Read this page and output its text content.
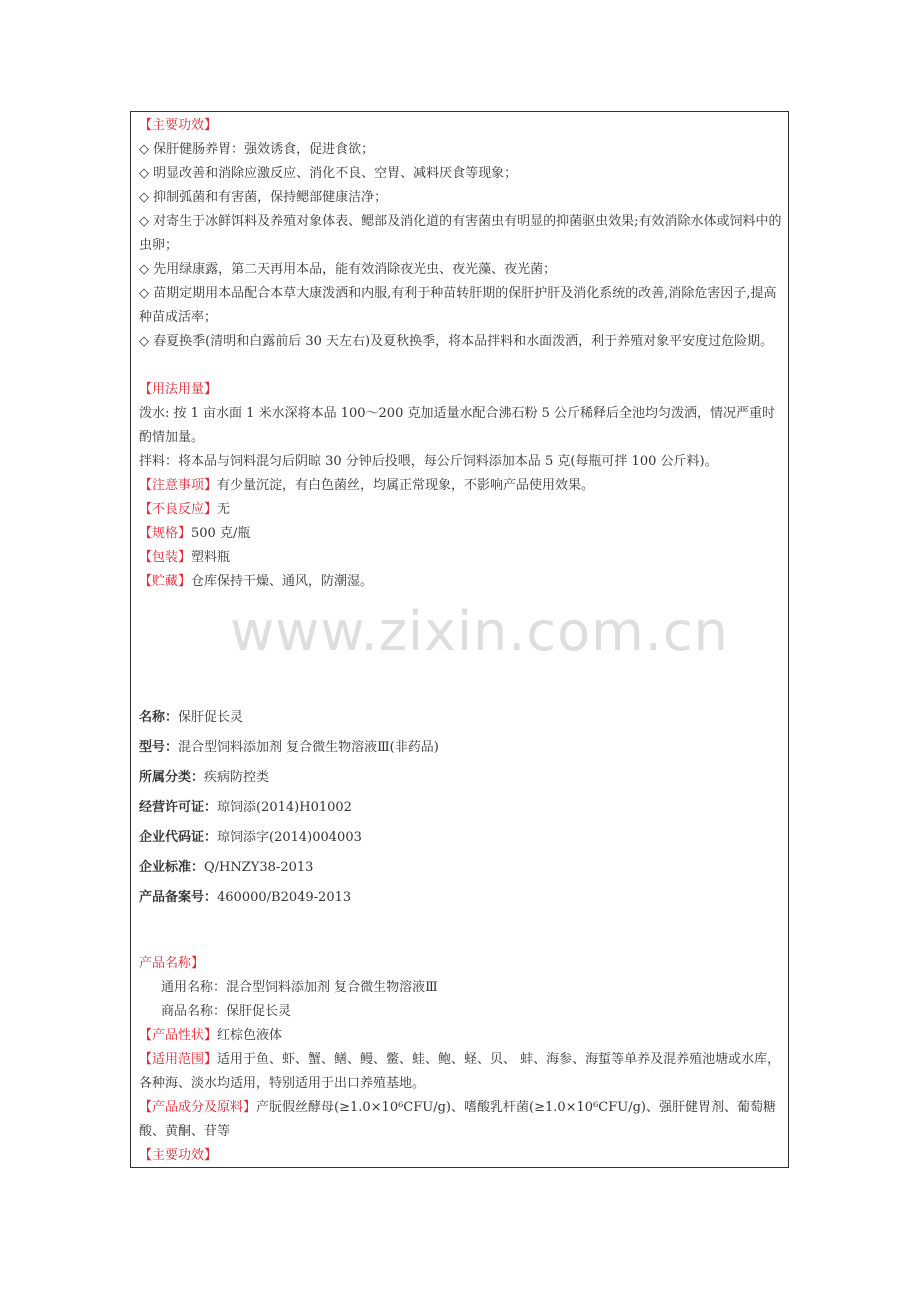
【主要功效】
◇ 保肝健肠养胃：强效诱食，促进食欲；
◇ 明显改善和消除应激反应、消化不良、空胃、减料厌食等现象；
◇ 抑制弧菌和有害菌，保持鳃部健康洁净；
◇ 对寄生于冰鲜饵料及养殖对象体表、鳃部及消化道的有害菌虫有明显的抑菌驱虫效果;有效消除水体或饲料中的虫卵；
◇ 先用绿康露，第二天再用本品，能有效消除夜光虫、夜光藻、夜光菌；
◇ 苗期定期用本品配合本草大康泼洒和内服,有利于种苗转肝期的保肝护肝及消化系统的改善,消除危害因子,提高种苗成活率；
◇ 春夏换季(清明和白露前后 30 天左右)及夏秋换季，将本品拌料和水面泼洒，利于养殖对象平安度过危险期。
【用法用量】
泼水: 按 1 亩水面 1 米水深将本品 100～200 克加适量水配合沸石粉 5 公斤稀释后全池均匀泼洒，情况严重时酌情加量。
拌料：将本品与饲料混匀后阴晾 30 分钟后投喂，每公斤饲料添加本品 5 克(每瓶可拌 100 公斤料)。
【注意事项】有少量沉淀，有白色菌丝，均属正常现象，不影响产品使用效果。
【不良反应】无
【规格】500 克/瓶
【包装】塑料瓶
【贮藏】仓库保持干燥、通风，防潮湿。
名称：保肝促长灵
型号：混合型饲料添加剂 复合微生物溶液Ⅲ(非药品)
所属分类：疾病防控类
经营许可证：琼饲添(2014)H01002
企业代码证：琼饲添字(2014)004003
企业标准：Q/HNZY38-2013
产品备案号：460000/B2049-2013
产品名称】
通用名称：混合型饲料添加剂 复合微生物溶液Ⅲ
商品名称：保肝促长灵
【产品性状】红棕色液体
【适用范围】适用于鱼、虾、蟹、鳝、鳗、鳖、蛙、鲍、蛏、贝、 蚌、海参、海蜇等单养及混养殖池塘或水库，各种海、淡水均适用，特别适用于出口养殖基地。
【产品成分及原料】产朊假丝酵母(≥1.0×10⁶CFU/g)、嗜酸乳杆菌(≥1.0×10⁶CFU/g)、强肝健胃剂、葡萄糖酸、黄酮、苷等
【主要功效】
www.zixin.com.cn
